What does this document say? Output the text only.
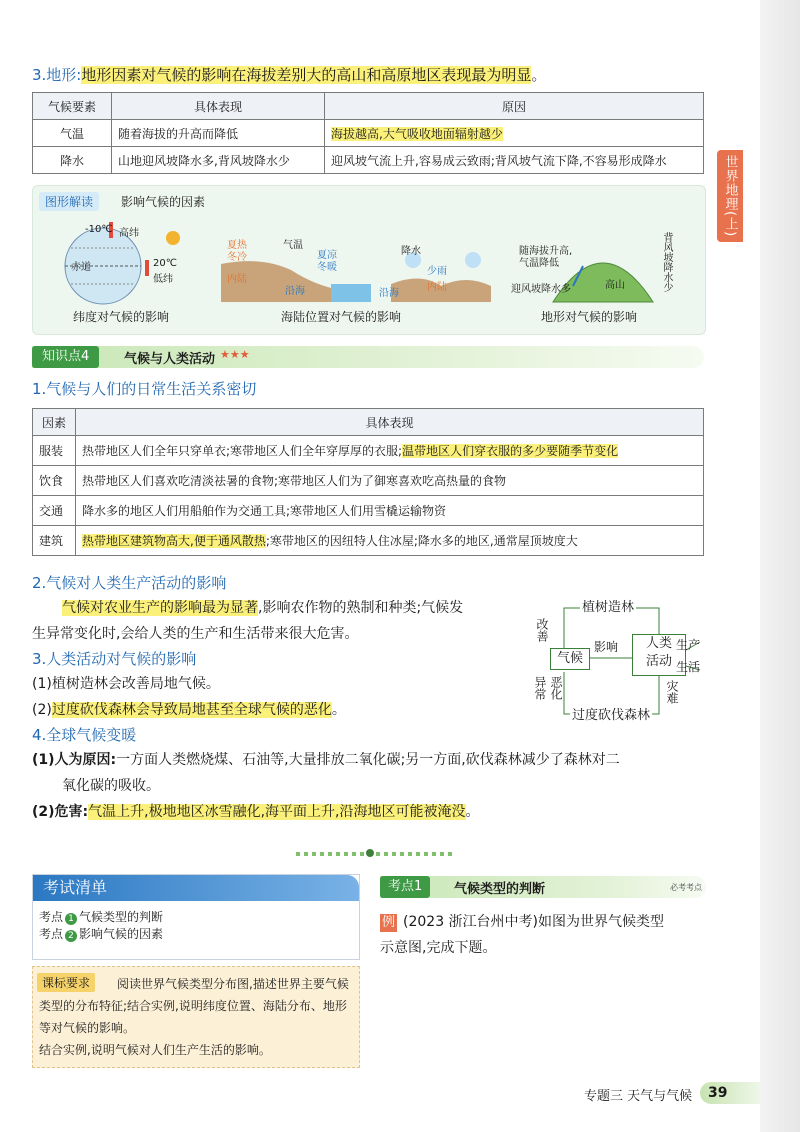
世界地理(上)
3.地形:地形因素对气候的影响在海拔差别大的高山和高原地区表现最为明显。
气候要素	具体表现	原因
气温	随着海拔的升高而降低	海拔越高,大气吸收地面辐射越少
降水	山地迎风坡降水多,背风坡降水少	迎风坡气流上升,容易成云致雨;背风坡气流下降,不容易形成降水
图形解读	影响气候的因素
-10℃ 高纬
赤道	20℃
低纬
纬度对气候的影响
夏热
冬冷
气温
夏凉
冬暖
内陆
沿海
降水
少雨
沿海
内陆
海陆位置对气候的影响
随海拔升高,
气温降低
迎风坡降水多	高山	背风坡降水少
地形对气候的影响
知识点4	气候与人类活动 ★★★
1.气候与人们的日常生活关系密切
因素	具体表现
服装	热带地区人们全年只穿单衣;寒带地区人们全年穿厚厚的衣服;温带地区人们穿衣服的多少要随季节变化
饮食	热带地区人们喜欢吃清淡祛暑的食物;寒带地区人们为了御寒喜欢吃高热量的食物
交通	降水多的地区人们用船舶作为交通工具;寒带地区人们用雪橇运输物资
建筑	热带地区建筑物高大,便于通风散热;寒带地区的因纽特人住冰屋;降水多的地区,通常屋顶坡度大
2.气候对人类生产活动的影响
气候对农业生产的影响最为显著,影响农作物的熟制和种类;气候发
生异常变化时,会给人类的生产和生活带来很大危害。
3.人类活动对气候的影响
(1)植树造林会改善局地气候。
(2)过度砍伐森林会导致局地甚至全球气候的恶化。
植树造林
改善
影响
气候
人类
活动
生产
生活
异常 恶化	灾难
过度砍伐森林
4.全球气候变暖
(1)人为原因:一方面人类燃烧煤、石油等,大量排放二氧化碳;另一方面,砍伐森林减少了森林对二
氧化碳的吸收。
(2)危害:气温上升,极地地区冰雪融化,海平面上升,沿海地区可能被淹没。
考试清单
考点 1 气候类型的判断
考点 2 影响气候的因素
阅读世界气候类型分布图,描述世界主要气候类型的分布特征;结合实例,说明纬度位置、海陆分布、地形等对气候的影响。
课标要求
结合实例,说明气候对人们生产生活的影响。
考点1	气候类型的判断	必考考点
例 (2023 浙江台州中考)如图为世界气候类型
示意图,完成下题。
专题三 天气与气候	39
